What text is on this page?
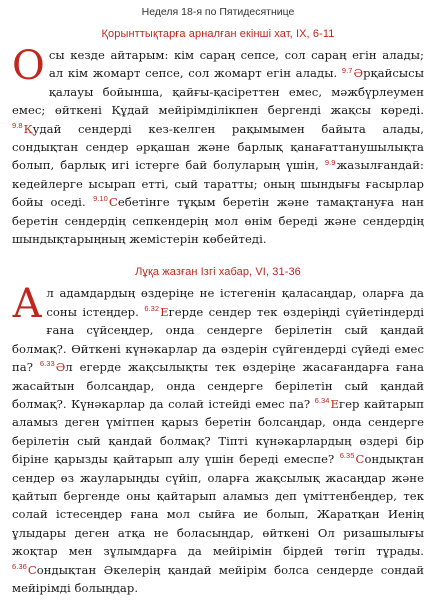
Неделя 18-я по Пятидесятнице
Қорынттықтарға арналған екінші хат, IX, 6-11
О сы кезде айтарым: кім сараң сепсе, сол сараң егін алады; ал кім жомарт сепсе, сол жомарт егін алады. $^{9.7}$Әрқайсысы қалауы бойынша, қайғы-қасіреттен емес, мәжбүрлеумен емес; өйткені Құдай мейірімділікпен бергенді жақсы көреді. $^{9.8}$Қудай сендерді кез-келген рақымымен байыта алады, сондықтан сендер әрқашан және барлық қанағаттанушылықта болып, барлық игі істерге бай болуларың үшін, $^{9.9}$жазылғандай: кедейлерге ысырап етті, сый таратты; оның шындығы ғасырлар бойы оседі. $^{9.10}$Себетінге тұқым беретін және тамақтануға нан беретін сендердің сепкендерің мол өнім береді және сендердің шындықтарыңның жемістерін көбейтеді.
Лұқа жазған Ізгі хабар, VI, 31-36
А л адамдардың өздеріңе не істегенін қаласаңдар, оларға да соны істеңдер. $^{6.32}$Егерде сендер тек өздеріңді сүйетіндерді ғана сүйсеңдер, онда сендерге берілетін сый қандай болмақ?. Өйткені күнәкарлар да өздерін сүйгендерді сүйеді емес па? $^{6.33}$Әл егерде жақсылықты тек өздеріңе жасағандарға ғана жасайтын болсаңдар, онда сендерге берілетін сый қандай болмақ?. Күнәкарлар да солай істейді емес па? $^{6.34}$Егер кайтарып аламыз деген үмітпен қарыз беретін болсаңдар, онда сендерге берілетін сый қандай болмақ? Тіпті күнәкарлардың өздері бір біріне қарызды қайтарып алу үшін береді емеспе? $^{6.35}$Сондықтан сендер өз жауларыңды сүйіп, оларға жақсылық жасаңдар және қайтып бергенде оны қайтарып аламыз деп үміттенбеңдер, тек солай істесеңдер ғана мол сыйға ие болып, Жаратқан Иенің ұлыдары деген атқа не боласыңдар, өйткені Ол ризашылығы жоқтар мен зұлымдарға да мейірімін бірдей төгіп тұрады. $^{6.36}$Сондықтан Әкелерің қандай мейірім болса сендерде сондай мейірімді болыңдар.
